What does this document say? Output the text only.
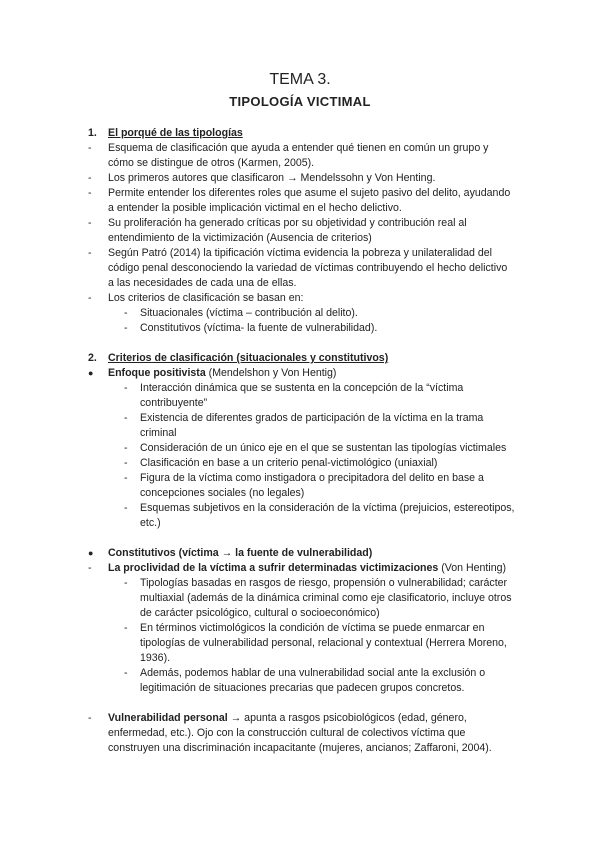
TEMA 3.
TIPOLOGÍA VICTIMAL
1.	El porqué de las tipologías
-	Esquema de clasificación que ayuda a entender qué tienen en común un grupo y cómo se distingue de otros (Karmen, 2005).
-	Los primeros autores que clasificaron → Mendelssohn y Von Henting.
-	Permite entender los diferentes roles que asume el sujeto pasivo del delito, ayudando a entender la posible implicación victimal en el hecho delictivo.
-	Su proliferación ha generado críticas por su objetividad y contribución real al entendimiento de la victimización (Ausencia de criterios)
-	Según Patró (2014) la tipificación víctima evidencia la pobreza y unilateralidad del código penal desconociendo la variedad de víctimas contribuyendo el hecho delictivo a las necesidades de cada una de ellas.
-	Los criterios de clasificación se basan en:
-	Situacionales (víctima – contribución al delito).
-	Constitutivos (víctima- la fuente de vulnerabilidad).
2.	Criterios de clasificación (situacionales y constitutivos)
●	Enfoque positivista (Mendelshon y Von Hentig)
-	Interacción dinámica que se sustenta en la concepción de la “víctima contribuyente”
-	Existencia de diferentes grados de participación de la víctima en la trama criminal
-	Consideración de un único eje en el que se sustentan las tipologías victimales
-	Clasificación en base a un criterio penal-victimológico (uniaxial)
-	Figura de la víctima como instigadora o precipitadora del delito en base a concepciones sociales (no legales)
-	Esquemas subjetivos en la consideración de la víctima (prejuicios, estereotipos, etc.)
●	Constitutivos (víctima → la fuente de vulnerabilidad)
-	La proclividad de la víctima a sufrir determinadas victimizaciones (Von Henting)
-	Tipologías basadas en rasgos de riesgo, propensión o vulnerabilidad; carácter multiaxial (además de la dinámica criminal como eje clasificatorio, incluye otros de carácter psicológico, cultural o socioeconómico)
-	En términos victimológicos la condición de víctima se puede enmarcar en tipologías de vulnerabilidad personal, relacional y contextual (Herrera Moreno, 1936).
-	Además, podemos hablar de una vulnerabilidad social ante la exclusión o legitimación de situaciones precarias que padecen grupos concretos.
-	Vulnerabilidad personal → apunta a rasgos psicobiológicos (edad, género, enfermedad, etc.). Ojo con la construcción cultural de colectivos víctima que construyen una discriminación incapacitante (mujeres, ancianos; Zaffaroni, 2004).
